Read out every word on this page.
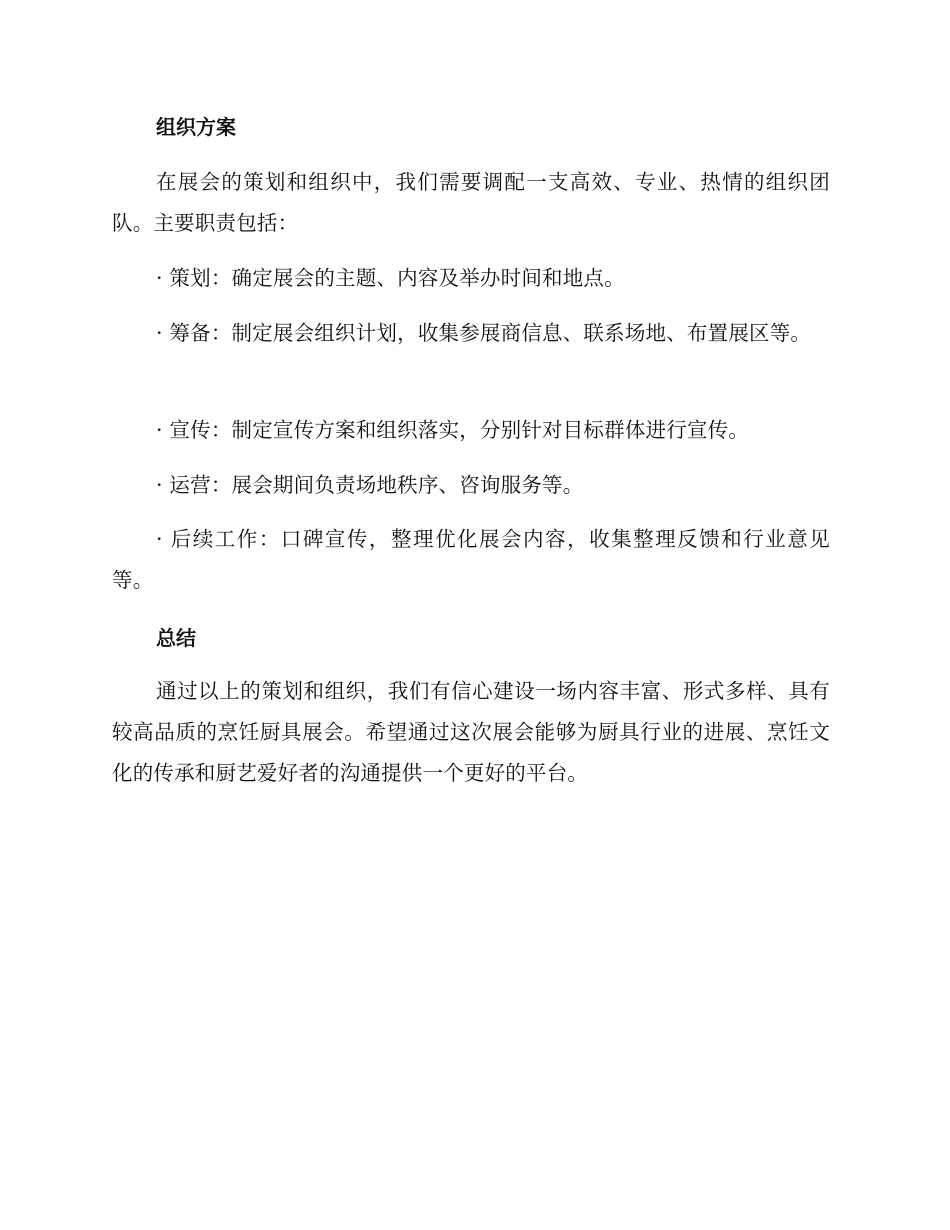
组织方案

在展会的策划和组织中，我们需要调配一支高效、专业、热情的组织团队。主要职责包括：

· 策划：确定展会的主题、内容及举办时间和地点。

· 筹备：制定展会组织计划，收集参展商信息、联系场地、布置展区等。

· 宣传：制定宣传方案和组织落实，分别针对目标群体进行宣传。

· 运营：展会期间负责场地秩序、咨询服务等。

· 后续工作：口碑宣传，整理优化展会内容，收集整理反馈和行业意见等。

总结

通过以上的策划和组织，我们有信心建设一场内容丰富、形式多样、具有较高品质的烹饪厨具展会。希望通过这次展会能够为厨具行业的进展、烹饪文化的传承和厨艺爱好者的沟通提供一个更好的平台。
